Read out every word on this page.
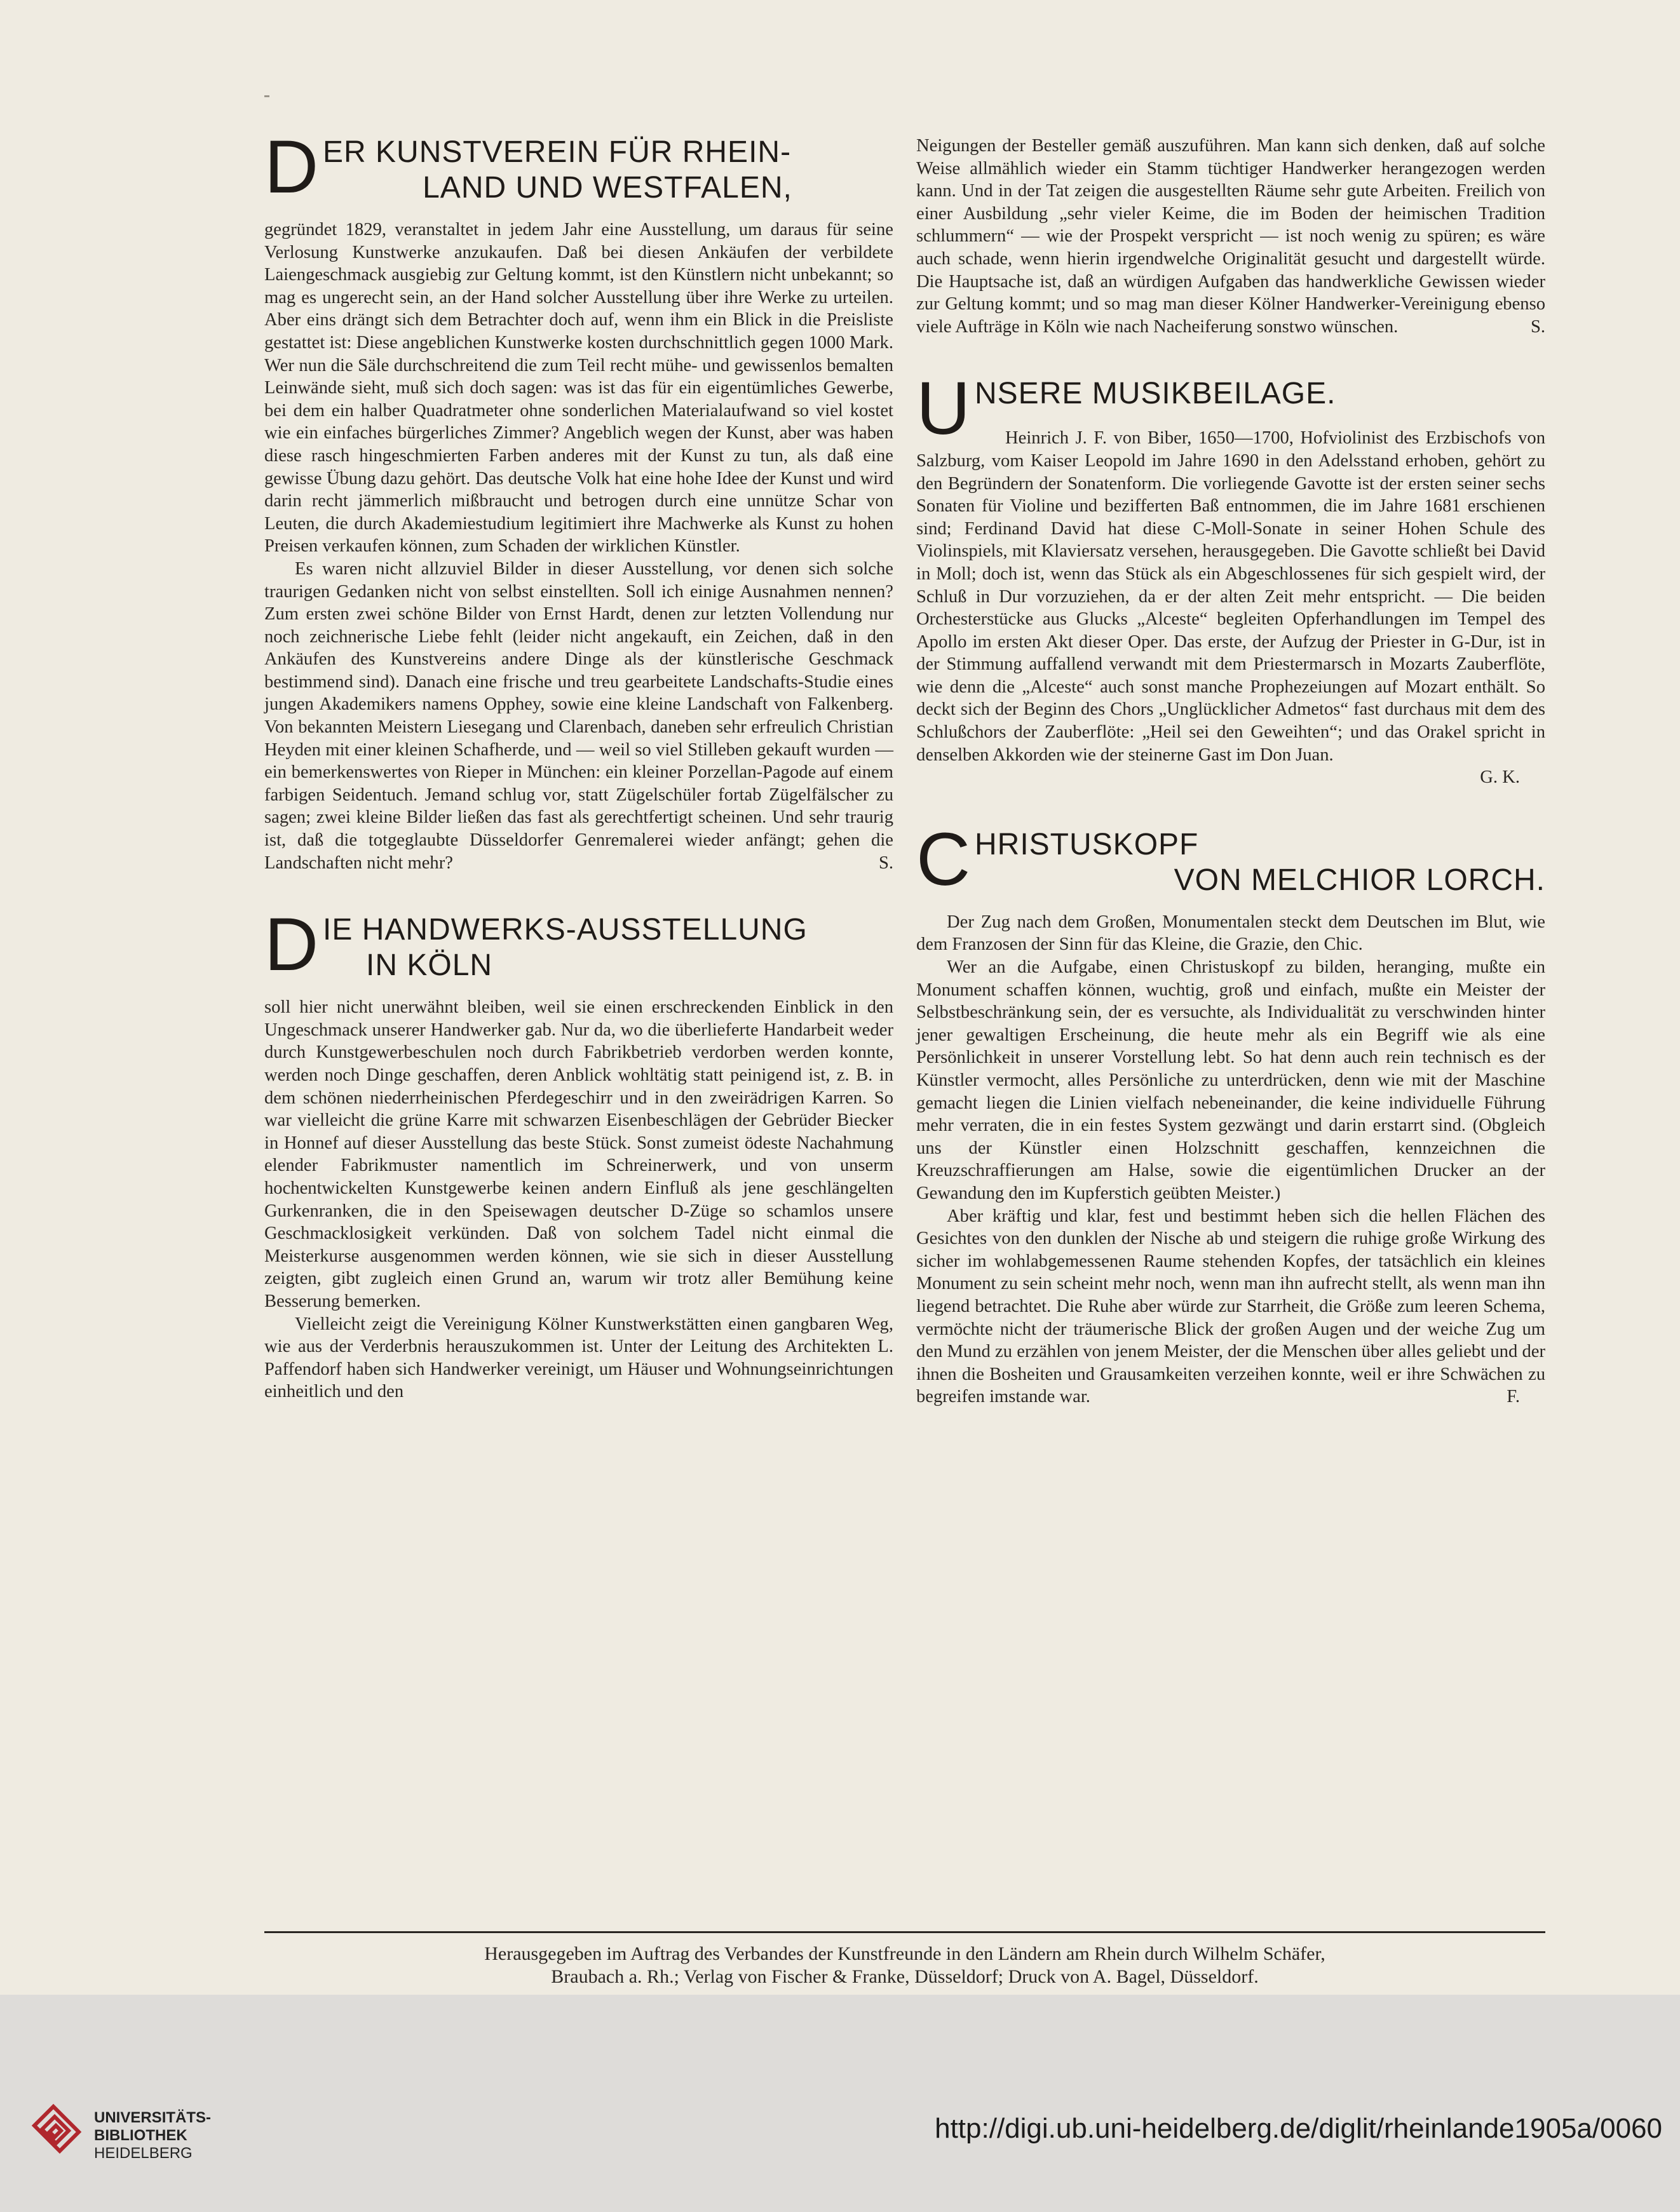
D ER KUNSTVEREIN FÜR RHEIN-
LAND UND WESTFALEN,

gegründet 1829, veranstaltet in jedem Jahr eine Ausstellung, um daraus für seine Verlosung Kunstwerke anzukaufen. Daß bei diesen Ankäufen der verbildete Laiengeschmack ausgiebig zur Geltung kommt, ist den Künstlern nicht unbekannt; so mag es ungerecht sein, an der Hand solcher Ausstellung über ihre Werke zu urteilen. Aber eins drängt sich dem Betrachter doch auf, wenn ihm ein Blick in die Preisliste gestattet ist: Diese angeblichen Kunstwerke kosten durchschnittlich gegen 1000 Mark. Wer nun die Säle durchschreitend die zum Teil recht mühe- und gewissenlos bemalten Leinwände sieht, muß sich doch sagen: was ist das für ein eigentümliches Gewerbe, bei dem ein halber Quadratmeter ohne sonderlichen Materialaufwand so viel kostet wie ein einfaches bürgerliches Zimmer? Angeblich wegen der Kunst, aber was haben diese rasch hingeschmierten Farben anderes mit der Kunst zu tun, als daß eine gewisse Übung dazu gehört. Das deutsche Volk hat eine hohe Idee der Kunst und wird darin recht jämmerlich mißbraucht und betrogen durch eine unnütze Schar von Leuten, die durch Akademiestudium legitimiert ihre Machwerke als Kunst zu hohen Preisen verkaufen können, zum Schaden der wirklichen Künstler.

Es waren nicht allzuviel Bilder in dieser Ausstellung, vor denen sich solche traurigen Gedanken nicht von selbst einstellten. Soll ich einige Ausnahmen nennen? Zum ersten zwei schöne Bilder von Ernst Hardt, denen zur letzten Vollendung nur noch zeichnerische Liebe fehlt (leider nicht angekauft, ein Zeichen, daß in den Ankäufen des Kunstvereins andere Dinge als der künstlerische Geschmack bestimmend sind). Danach eine frische und treu gearbeitete Landschafts-Studie eines jungen Akademikers namens Opphey, sowie eine kleine Landschaft von Falkenberg. Von bekannten Meistern Liesegang und Clarenbach, daneben sehr erfreulich Christian Heyden mit einer kleinen Schafherde, und — weil so viel Stilleben gekauft wurden — ein bemerkenswertes von Rieper in München: ein kleiner Porzellan-Pagode auf einem farbigen Seidentuch. Jemand schlug vor, statt Zügelschüler fortab Zügelfälscher zu sagen; zwei kleine Bilder ließen das fast als gerechtfertigt scheinen. Und sehr traurig ist, daß die totgeglaubte Düsseldorfer Genremalerei wieder anfängt; gehen die Landschaften nicht mehr?	S.

D IE HANDWERKS-AUSSTELLUNG
IN KÖLN

soll hier nicht unerwähnt bleiben, weil sie einen erschreckenden Einblick in den Ungeschmack unserer Handwerker gab. Nur da, wo die überlieferte Handarbeit weder durch Kunstgewerbeschulen noch durch Fabrikbetrieb verdorben werden konnte, werden noch Dinge geschaffen, deren Anblick wohltätig statt peinigend ist, z. B. in dem schönen niederrheinischen Pferdegeschirr und in den zweirädrigen Karren. So war vielleicht die grüne Karre mit schwarzen Eisenbeschlägen der Gebrüder Biecker in Honnef auf dieser Ausstellung das beste Stück. Sonst zumeist ödeste Nachahmung elender Fabrikmuster namentlich im Schreinerwerk, und von unserm hochentwickelten Kunstgewerbe keinen andern Einfluß als jene geschlängelten Gurkenranken, die in den Speisewagen deutscher D-Züge so schamlos unsere Geschmacklosigkeit verkünden. Daß von solchem Tadel nicht einmal die Meisterkurse ausgenommen werden können, wie sie sich in dieser Ausstellung zeigten, gibt zugleich einen Grund an, warum wir trotz aller Bemühung keine Besserung bemerken.

Vielleicht zeigt die Vereinigung Kölner Kunstwerkstätten einen gangbaren Weg, wie aus der Verderbnis herauszukommen ist. Unter der Leitung des Architekten L. Paffendorf haben sich Handwerker vereinigt, um Häuser und Wohnungseinrichtungen einheitlich und den

Neigungen der Besteller gemäß auszuführen. Man kann sich denken, daß auf solche Weise allmählich wieder ein Stamm tüchtiger Handwerker herangezogen werden kann. Und in der Tat zeigen die ausgestellten Räume sehr gute Arbeiten. Freilich von einer Ausbildung „sehr vieler Keime, die im Boden der heimischen Tradition schlummern“ — wie der Prospekt verspricht — ist noch wenig zu spüren; es wäre auch schade, wenn hierin irgendwelche Originalität gesucht und dargestellt würde. Die Hauptsache ist, daß an würdigen Aufgaben das handwerkliche Gewissen wieder zur Geltung kommt; und so mag man dieser Kölner Handwerker-Vereinigung ebenso viele Aufträge in Köln wie nach Nacheiferung sonstwo wünschen.	S.

U NSERE MUSIKBEILAGE.

Heinrich J. F. von Biber, 1650—1700, Hofviolinist des Erzbischofs von Salzburg, vom Kaiser Leopold im Jahre 1690 in den Adelsstand erhoben, gehört zu den Begründern der Sonatenform. Die vorliegende Gavotte ist der ersten seiner sechs Sonaten für Violine und bezifferten Baß entnommen, die im Jahre 1681 erschienen sind; Ferdinand David hat diese C-Moll-Sonate in seiner Hohen Schule des Violinspiels, mit Klaviersatz versehen, herausgegeben. Die Gavotte schließt bei David in Moll; doch ist, wenn das Stück als ein Abgeschlossenes für sich gespielt wird, der Schluß in Dur vorzuziehen, da er der alten Zeit mehr entspricht. — Die beiden Orchesterstücke aus Glucks „Alceste“ begleiten Opferhandlungen im Tempel des Apollo im ersten Akt dieser Oper. Das erste, der Aufzug der Priester in G-Dur, ist in der Stimmung auffallend verwandt mit dem Priestermarsch in Mozarts Zauberflöte, wie denn die „Alceste“ auch sonst manche Prophezeiungen auf Mozart enthält. So deckt sich der Beginn des Chors „Unglücklicher Admetos“ fast durchaus mit dem des Schlußchors der Zauberflöte: „Heil sei den Geweihten“; und das Orakel spricht in denselben Akkorden wie der steinerne Gast im Don Juan.

G. K.

C HRISTUSKOPF
VON MELCHIOR LORCH.

Der Zug nach dem Großen, Monumentalen steckt dem Deutschen im Blut, wie dem Franzosen der Sinn für das Kleine, die Grazie, den Chic.

Wer an die Aufgabe, einen Christuskopf zu bilden, heranging, mußte ein Monument schaffen können, wuchtig, groß und einfach, mußte ein Meister der Selbstbeschränkung sein, der es versuchte, als Individualität zu verschwinden hinter jener gewaltigen Erscheinung, die heute mehr als ein Begriff wie als eine Persönlichkeit in unserer Vorstellung lebt. So hat denn auch rein technisch es der Künstler vermocht, alles Persönliche zu unterdrücken, denn wie mit der Maschine gemacht liegen die Linien vielfach nebeneinander, die keine individuelle Führung mehr verraten, die in ein festes System gezwängt und darin erstarrt sind. (Obgleich uns der Künstler einen Holzschnitt geschaffen, kennzeichnen die Kreuzschraffierungen am Halse, sowie die eigentümlichen Drucker an der Gewandung den im Kupferstich geübten Meister.)

Aber kräftig und klar, fest und bestimmt heben sich die hellen Flächen des Gesichtes von den dunklen der Nische ab und steigern die ruhige große Wirkung des sicher im wohlabgemessenen Raume stehenden Kopfes, der tatsächlich ein kleines Monument zu sein scheint mehr noch, wenn man ihn aufrecht stellt, als wenn man ihn liegend betrachtet. Die Ruhe aber würde zur Starrheit, die Größe zum leeren Schema, vermöchte nicht der träumerische Blick der großen Augen und der weiche Zug um den Mund zu erzählen von jenem Meister, der die Menschen über alles geliebt und der ihnen die Bosheiten und Grausamkeiten verzeihen konnte, weil er ihre Schwächen zu begreifen imstande war.	F.

Herausgegeben im Auftrag des Verbandes der Kunstfreunde in den Ländern am Rhein durch Wilhelm Schäfer,
Braubach a. Rh.; Verlag von Fischer & Franke, Düsseldorf; Druck von A. Bagel, Düsseldorf.
UNIVERSITÄTS-
BIBLIOTHEK
HEIDELBERG
http://digi.ub.uni-heidelberg.de/diglit/rheinlande1905a/0060
